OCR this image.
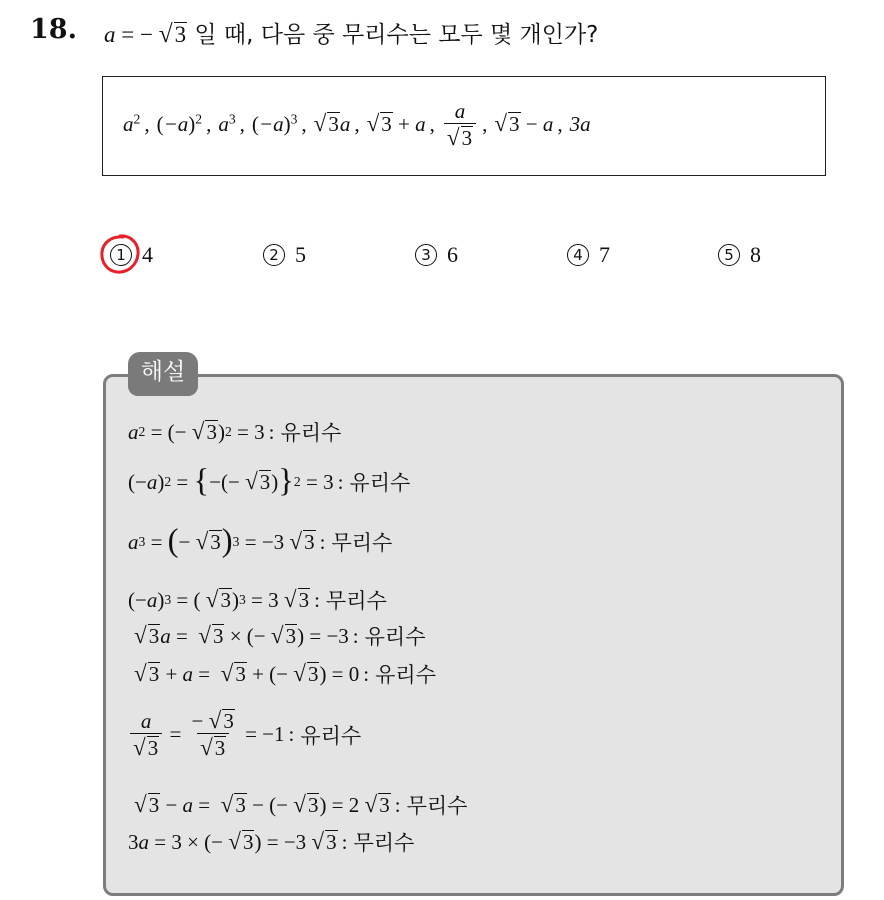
18. a = − √ 3 일 때, 다음 중 무리수는 모두 몇 개인가?
$a^2$ , $(-a)^2$ , $a^3$ , $(-a)^3$ , √ 3 a , √ 3 + a , $\frac{a}{√ 3}$ , √ 3 − a , 3a
1 4	2 5	3 6	4 7	5 8
해설
a 2 = (− √ 3 ) 2 = 3 : 유리수
(− a ) 2 = { −(− √ 3 ) } 2 = 3 : 유리수
a 3 = ( − √ 3 ) 3 = −3
√ 3 : 무리수
(− a ) 3 = ( √ 3 ) 3 = 3
√ 3 : 무리수
√ 3 a = √ 3 × (− √ 3 ) = −3 : 유리수
√ 3 + a = √ 3 + (− √ 3 ) = 0 : 유리수
$\frac{a}{√ 3} = \frac{- √ 3}{√ 3} = -1$ : 유리수
√ 3 − a = √ 3 − (− √ 3 ) = 2
√ 3 : 무리수
3 a = 3 × (− √ 3 ) = −3
√ 3 : 무리수
